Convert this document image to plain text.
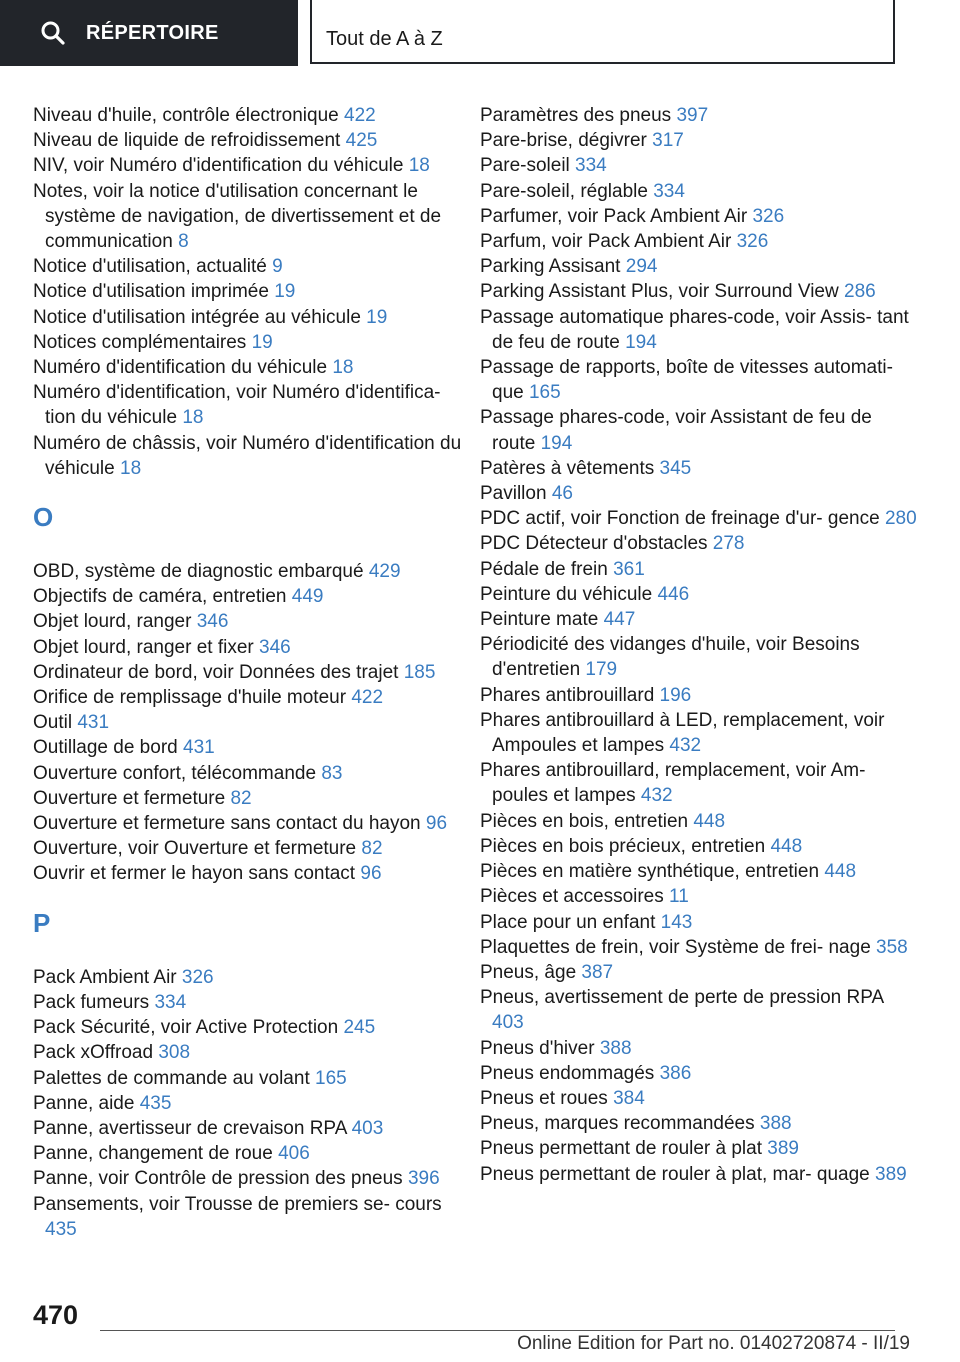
RÉPERTOIRE	Tout de A à Z
Niveau d'huile, contrôle électronique 422
Niveau de liquide de refroidissement 425
NIV, voir Numéro d'identification du véhicule 18
Notes, voir la notice d'utilisation concernant le système de navigation, de divertissement et de communication 8
Notice d'utilisation, actualité 9
Notice d'utilisation imprimée 19
Notice d'utilisation intégrée au véhicule 19
Notices complémentaires 19
Numéro d'identification du véhicule 18
Numéro d'identification, voir Numéro d'identifica‐ tion du véhicule 18
Numéro de châssis, voir Numéro d'identification du véhicule 18
O
OBD, système de diagnostic embarqué 429
Objectifs de caméra, entretien 449
Objet lourd, ranger 346
Objet lourd, ranger et fixer 346
Ordinateur de bord, voir Données des trajet 185
Orifice de remplissage d'huile moteur 422
Outil 431
Outillage de bord 431
Ouverture confort, télécommande 83
Ouverture et fermeture 82
Ouverture et fermeture sans contact du hayon 96
Ouverture, voir Ouverture et fermeture 82
Ouvrir et fermer le hayon sans contact 96
P
Pack Ambient Air 326
Pack fumeurs 334
Pack Sécurité, voir Active Protection 245
Pack xOffroad 308
Palettes de commande au volant 165
Panne, aide 435
Panne, avertisseur de crevaison RPA 403
Panne, changement de roue 406
Panne, voir Contrôle de pression des pneus 396
Pansements, voir Trousse de premiers se‐ cours 435
Paramètres des pneus 397
Pare-brise, dégivrer 317
Pare-soleil 334
Pare-soleil, réglable 334
Parfumer, voir Pack Ambient Air 326
Parfum, voir Pack Ambient Air 326
Parking Assisant 294
Parking Assistant Plus, voir Surround View 286
Passage automatique phares-code, voir Assis‐ tant de feu de route 194
Passage de rapports, boîte de vitesses automati‐ que 165
Passage phares-code, voir Assistant de feu de route 194
Patères à vêtements 345
Pavillon 46
PDC actif, voir Fonction de freinage d'ur‐ gence 280
PDC Détecteur d'obstacles 278
Pédale de frein 361
Peinture du véhicule 446
Peinture mate 447
Périodicité des vidanges d'huile, voir Besoins d'entretien 179
Phares antibrouillard 196
Phares antibrouillard à LED, remplacement, voir Ampoules et lampes 432
Phares antibrouillard, remplacement, voir Am‐ poules et lampes 432
Pièces en bois, entretien 448
Pièces en bois précieux, entretien 448
Pièces en matière synthétique, entretien 448
Pièces et accessoires 11
Place pour un enfant 143
Plaquettes de frein, voir Système de frei‐ nage 358
Pneus, âge 387
Pneus, avertissement de perte de pression RPA 403
Pneus d'hiver 388
Pneus endommagés 386
Pneus et roues 384
Pneus, marques recommandées 388
Pneus permettant de rouler à plat 389
Pneus permettant de rouler à plat, mar‐ quage 389
470
Online Edition for Part no. 01402720874 - II/19
